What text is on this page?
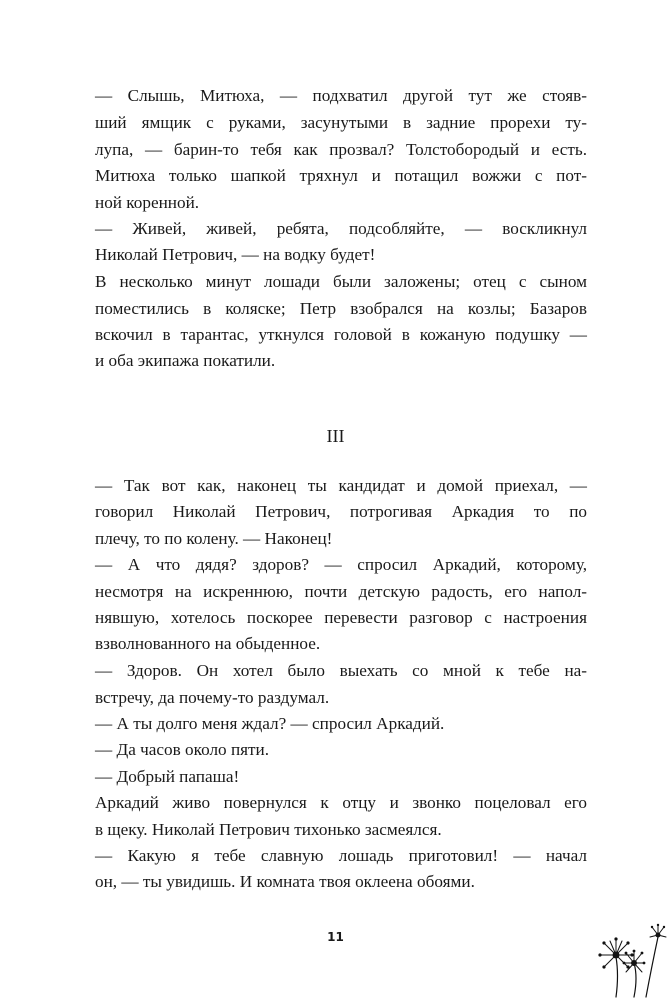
— Слышь, Митюха, — подхватил другой тут же стояв-
ший ямщик с руками, засунутыми в задние прорехи ту-
лупа, — барин-то тебя как прозвал? Толстобородый и есть.
Митюха только шапкой тряхнул и потащил вожжи с пот-
ной коренной.
— Живей, живей, ребята, подсобляйте, — воскликнул
Николай Петрович, — на водку будет!
В несколько минут лошади были заложены; отец с сыном
поместились в коляске; Петр взобрался на козлы; Базаров
вскочил в тарантас, уткнулся головой в кожаную подушку —
и оба экипажа покатили.
III
— Так вот как, наконец ты кандидат и домой приехал, —
говорил Николай Петрович, потрогивая Аркадия то по
плечу, то по колену. — Наконец!
— А что дядя? здоров? — спросил Аркадий, которому,
несмотря на искреннюю, почти детскую радость, его напол-
нявшую, хотелось поскорее перевести разговор с настроения
взволнованного на обыденное.
— Здоров. Он хотел было выехать со мной к тебе на-
встречу, да почему-то раздумал.
— А ты долго меня ждал? — спросил Аркадий.
— Да часов около пяти.
— Добрый папаша!
Аркадий живо повернулся к отцу и звонко поцеловал его
в щеку. Николай Петрович тихонько засмеялся.
— Какую я тебе славную лошадь приготовил! — начал
он, — ты увидишь. И комната твоя оклеена обоями.
11
